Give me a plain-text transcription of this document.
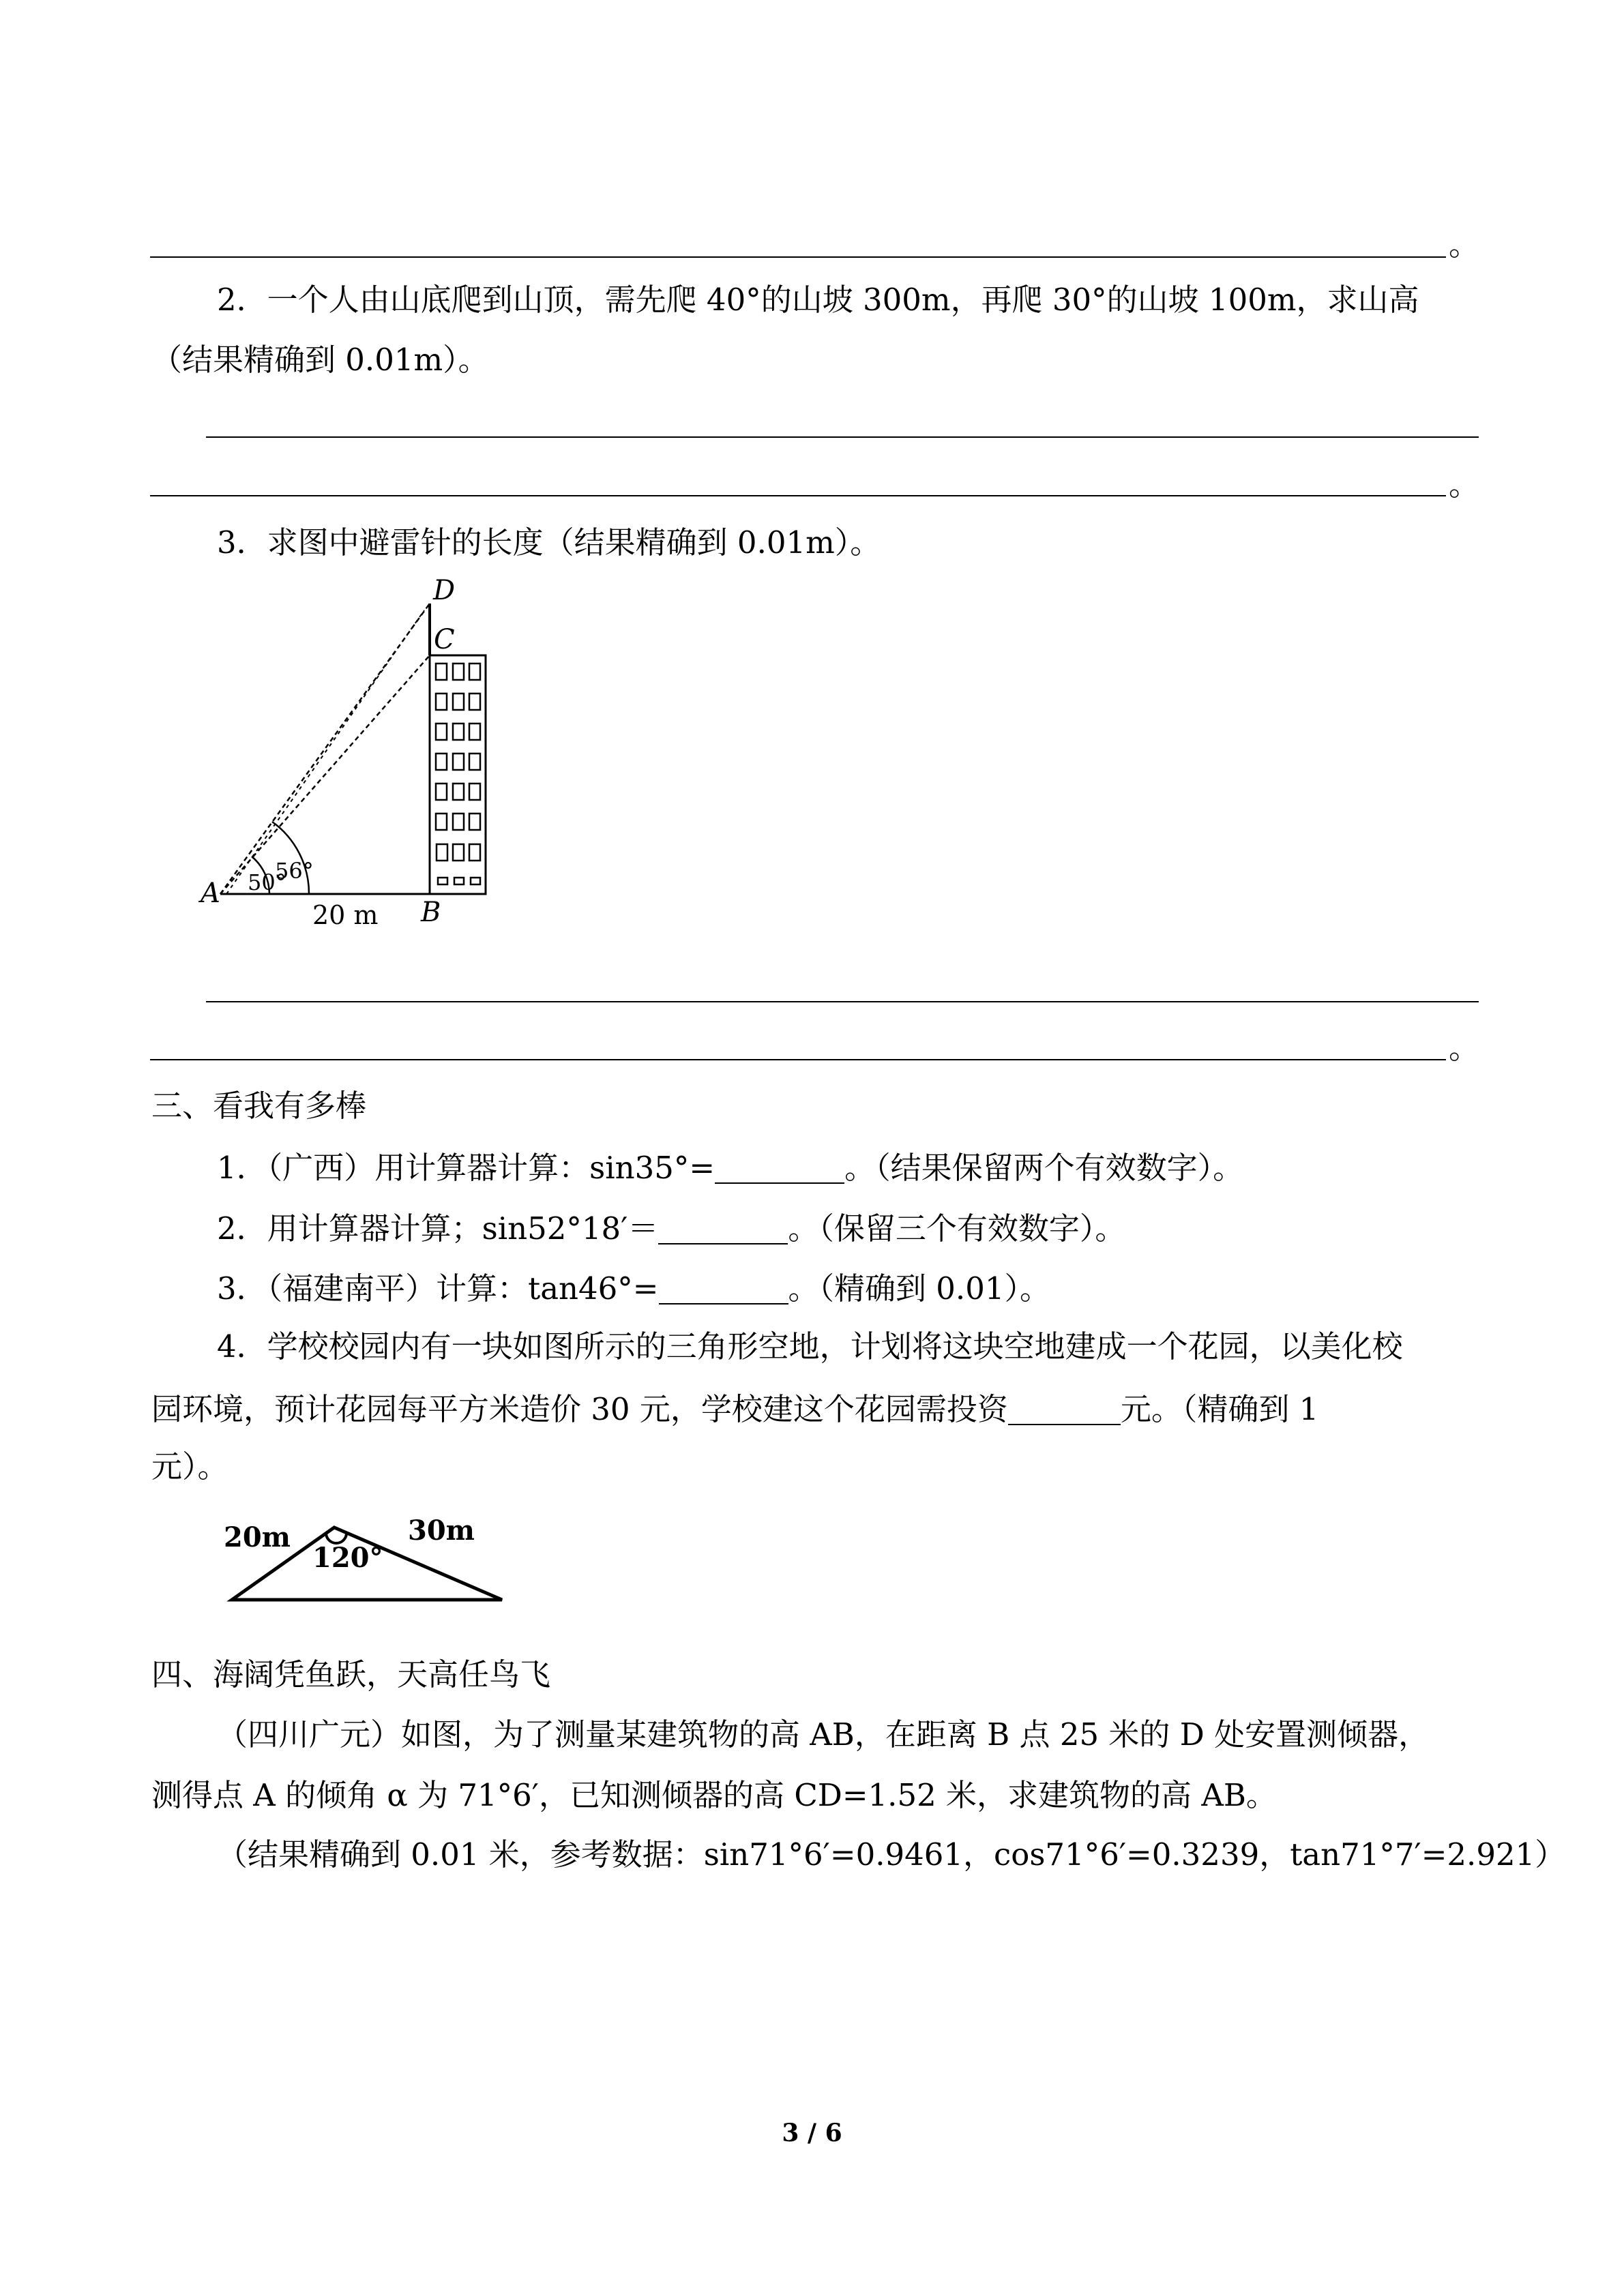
。
2．一个人由山底爬到山顶，需先爬 40°的山坡 300m，再爬 30°的山坡 100m，求山高
（结果精确到 0.01m）。
。
3．求图中避雷针的长度（结果精确到 0.01m）。
D
C
A
B
56°
50°
20 m
。
三、看我有多棒
1．（广西）用计算器计算：sin35°=	。（结果保留两个有效数字）。
2．用计算器计算；sin52°18′＝	。（保留三个有效数字）。
3．（福建南平）计算：tan46°=	。（精确到 0.01）。
4．学校校园内有一块如图所示的三角形空地，计划将这块空地建成一个花园，以美化校
园环境，预计花园每平方米造价 30 元，学校建这个花园需投资	元。（精确到 1
元）。
20m	30m
120°
四、海阔凭鱼跃，天高任鸟飞
（四川广元）如图，为了测量某建筑物的高 AB，在距离 B 点 25 米的 D 处安置测倾器，
测得点 A 的倾角 α 为 71°6′，已知测倾器的高 CD=1.52 米，求建筑物的高 AB。
（结果精确到 0.01 米，参考数据：sin71°6′=0.9461，cos71°6′=0.3239，tan71°7′=2.921）
3 / 6
